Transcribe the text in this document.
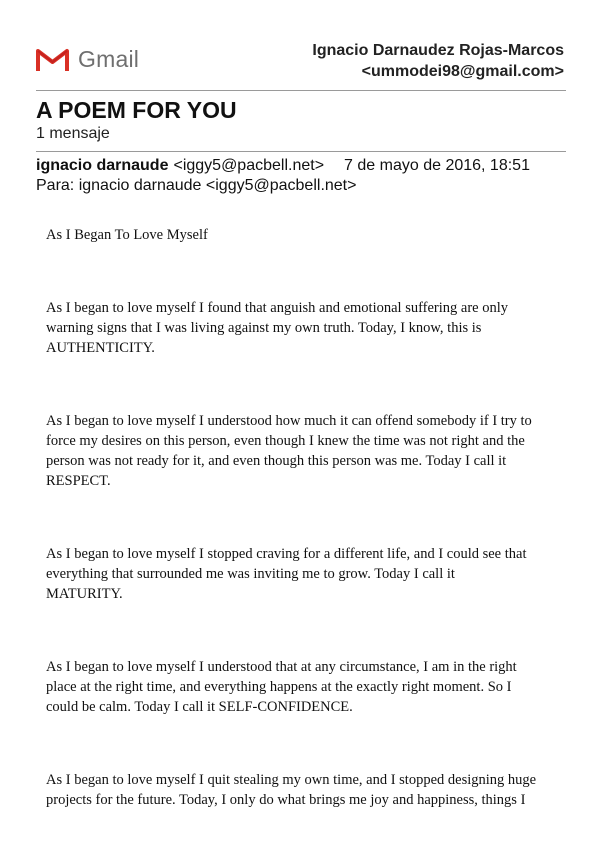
Gmail	Ignacio Darnaudez Rojas-Marcos
<ummodei98@gmail.com>
A POEM FOR YOU
1 mensaje
ignacio darnaude <iggy5@pacbell.net> 7 de mayo de 2016, 18:51
Para: ignacio darnaude <iggy5@pacbell.net>

As I Began To Love Myself

As I began to love myself I found that anguish and emotional suffering are only
warning signs that I was living against my own truth. Today, I know, this is
AUTHENTICITY.

As I began to love myself I understood how much it can offend somebody if I try to
force my desires on this person, even though I knew the time was not right and the
person was not ready for it, and even though this person was me. Today I call it
RESPECT.

As I began to love myself I stopped craving for a different life, and I could see that
everything that surrounded me was inviting me to grow. Today I call it
MATURITY.

As I began to love myself I understood that at any circumstance, I am in the right
place at the right time, and everything happens at the exactly right moment. So I
could be calm. Today I call it SELF-CONFIDENCE.

As I began to love myself I quit stealing my own time, and I stopped designing huge
projects for the future. Today, I only do what brings me joy and happiness, things I
